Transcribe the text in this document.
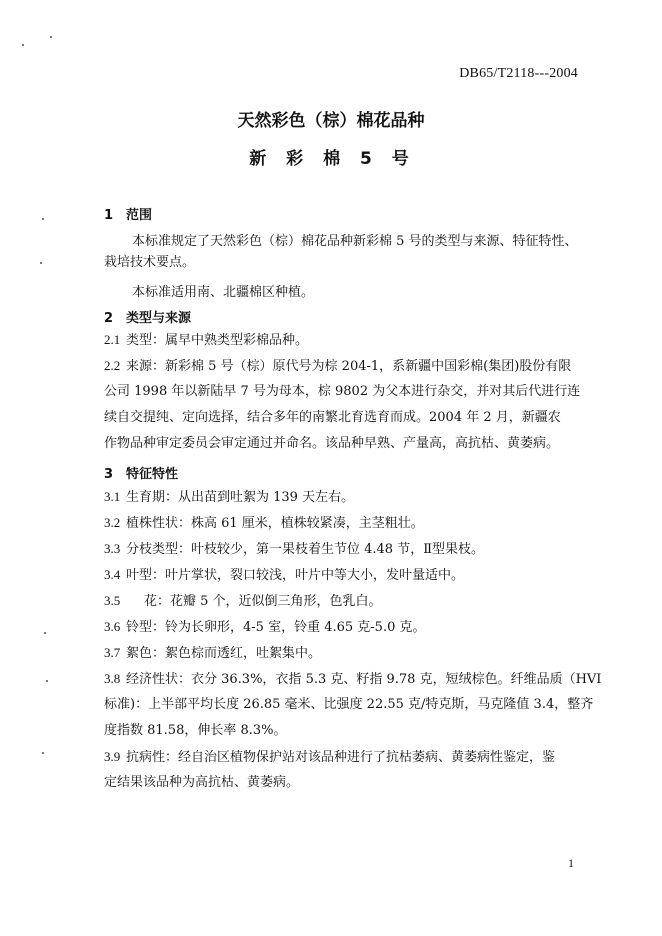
DB65/T2118---2004
天然彩色（棕）棉花品种
新 彩 棉 5 号
1 范围
本标准规定了天然彩色（棕）棉花品种新彩棉 5 号的类型与来源、特征特性、
栽培技术要点。
本标准适用南、北疆棉区种植。
2 类型与来源
2.1 类型：属早中熟类型彩棉品种。
2.2 来源：新彩棉 5 号（棕）原代号为棕 204-1，系新疆中国彩棉(集团)股份有限
公司 1998 年以新陆早 7 号为母本，棕 9802 为父本进行杂交，并对其后代进行连
续自交提纯、定向选择，结合多年的南繁北育选育而成。2004 年 2 月，新疆农
作物品种审定委员会审定通过并命名。该品种早熟、产量高，高抗枯、黄萎病。
3 特征特性
3.1 生育期：从出苗到吐絮为 139 天左右。
3.2 植株性状：株高 61 厘米，植株较紧凑，主茎粗壮。
3.3 分枝类型：叶枝较少，第一果枝着生节位 4.48 节，Ⅱ型果枝。
3.4 叶型：叶片掌状，裂口较浅，叶片中等大小，发叶量适中。
3.5 花：花瓣 5 个，近似倒三角形，色乳白。
3.6 铃型：铃为长卵形，4-5 室，铃重 4.65 克-5.0 克。
3.7 絮色：絮色棕而透红，吐絮集中。
3.8 经济性状：衣分 36.3%，衣指 5.3 克、籽指 9.78 克，短绒棕色。纤维品质（HVI
标准)：上半部平均长度 26.85 毫米、比强度 22.55 克/特克斯，马克隆值 3.4，整齐
度指数 81.58，伸长率 8.3%。
3.9 抗病性：经自治区植物保护站对该品种进行了抗枯萎病、黄萎病性鉴定，鉴
定结果该品种为高抗枯、黄萎病。
1
